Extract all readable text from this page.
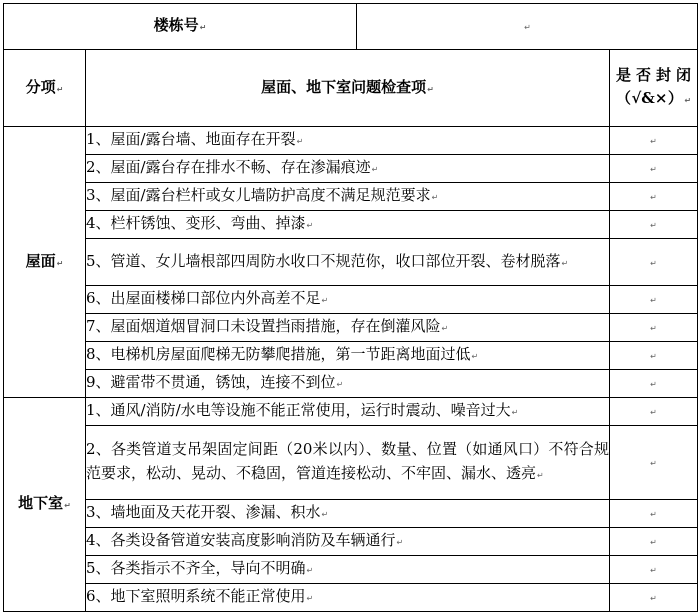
楼栋号↵		↵	
分项↵	屋面、地下室问题检查项↵		是否封闭（√&×）↵
屋面↵	1、屋面/露台墙、地面存在开裂↵		↵
	2、屋面/露台存在排水不畅、存在渗漏痕迹↵		↵
	3、屋面/露台栏杆或女儿墙防护高度不满足规范要求↵		↵
	4、栏杆锈蚀、变形、弯曲、掉漆↵		↵
	5、管道、女儿墙根部四周防水收口不规范你，收口部位开裂、卷材脱落↵		↵
	6、出屋面楼梯口部位内外高差不足↵		↵
	7、屋面烟道烟冒洞口未设置挡雨措施，存在倒灌风险↵		↵
	8、电梯机房屋面爬梯无防攀爬措施，第一节距离地面过低↵		↵
	9、避雷带不贯通，锈蚀，连接不到位↵		↵
地下室↵	1、通风/消防/水电等设施不能正常使用，运行时震动、噪音过大↵		↵
	2、各类管道支吊架固定间距（20米以内）、数量、位置（如通风口）不符合规范要求，松动、晃动、不稳固，管道连接松动、不牢固、漏水、透亮↵		↵
	3、墙地面及天花开裂、渗漏、积水↵		↵
	4、各类设备管道安装高度影响消防及车辆通行↵		↵
	5、各类指示不齐全，导向不明确↵		↵
	6、地下室照明系统不能正常使用↵		↵
